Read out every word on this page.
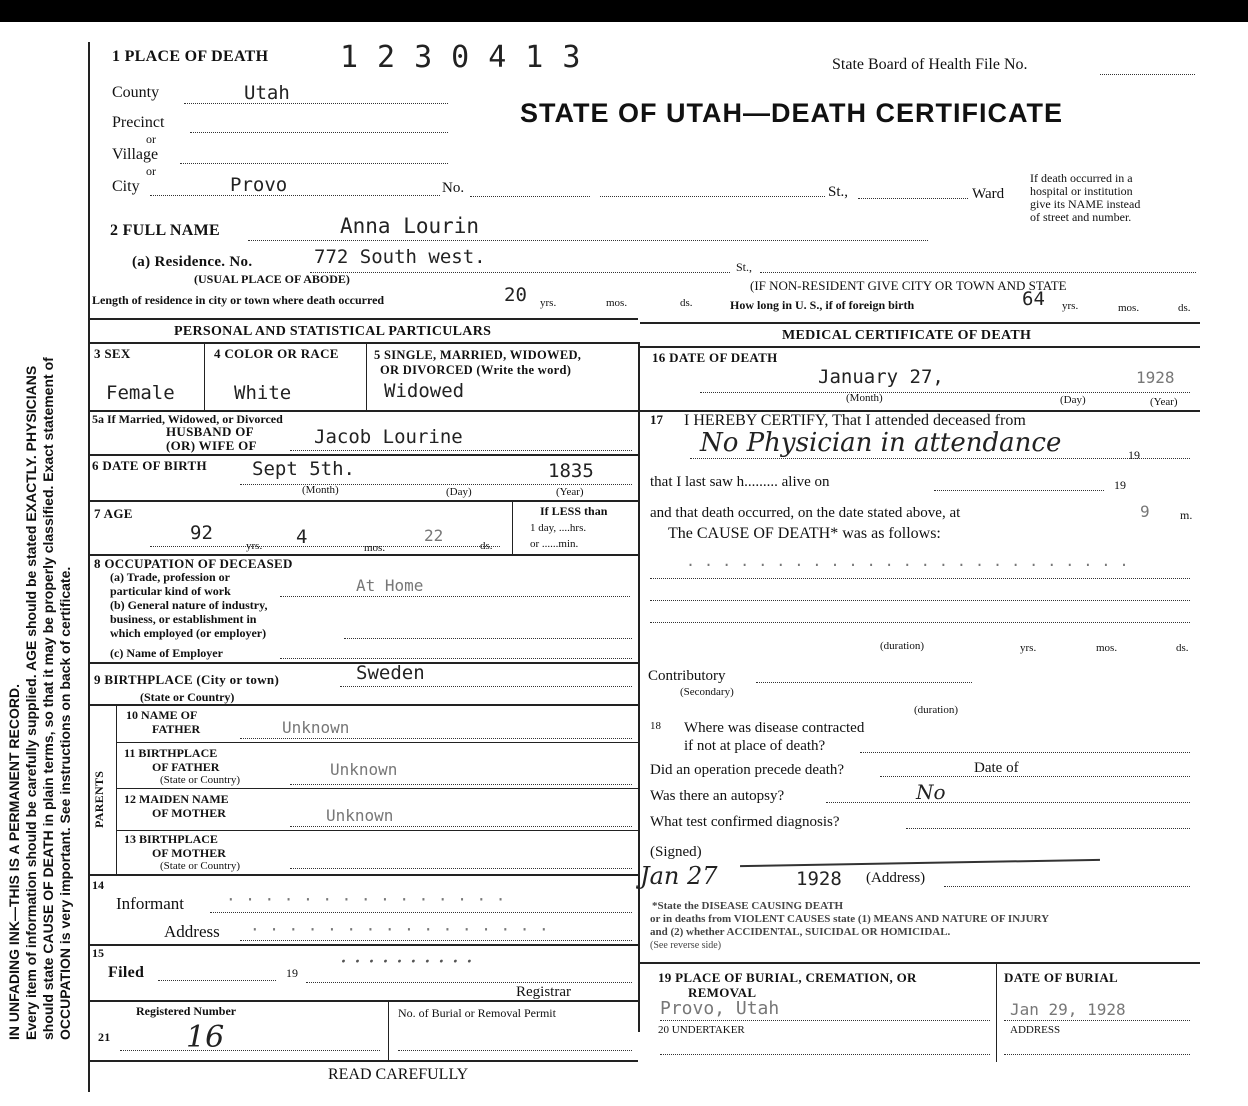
IN UNFADING INK—THIS IS A PERMANENT RECORD. Every item of information should be carefully supplied. AGE should be stated EXACTLY. PHYSICIANS should state CAUSE OF DEATH in plain terms, so that it may be properly classified. Exact statement of OCCUPATION is very important. See instructions on back of certificate.
1 PLACE OF DEATH 1230413	State Board of Health File No.
STATE OF UTAH—DEATH CERTIFICATE
County	Utah
Precinct
or
Village
or
City	Provo	No.	St.,	Ward
If death occurred in a
hospital or institution
give its NAME instead
of street and number.
2 FULL NAME	Anna Lourin
(a) Residence. No.	772 South west.
(USUAL PLACE OF ABODE)
St.,
(IF NON-RESIDENT GIVE CITY OR TOWN AND STATE
Length of residence in city or town where death occurred	20 yrs.	mos.	ds.	How long in U. S., if of foreign birth	64 yrs.	mos.	ds.
PERSONAL AND STATISTICAL PARTICULARS	MEDICAL CERTIFICATE OF DEATH
3 SEX	4 COLOR OR RACE	5 SINGLE, MARRIED, WIDOWED,
OR DIVORCED (Write the word)
Female	White	Widowed
16 DATE OF DEATH
January 27,	1928
(Month)	(Day)	(Year)
5a If Married, Widowed, or Divorced
HUSBAND OF
(OR) WIFE OF	Jacob Lourine
17 I HEREBY CERTIFY, That I attended deceased from
No Physician in attendance	19
6 DATE OF BIRTH Sept 5th.	1835
(Month)	(Day)	(Year)
that I last saw h......... alive on	19
7 AGE
92	4	22
yrs.	mos.	ds.
If LESS than
1 day, ....hrs.
or ......min.
and that death occurred, on the date stated above, at	9	m.
The CAUSE OF DEATH* was as follows:
· · · · · · · · · · · · · · · · · · · · · · · · ·
(duration)	yrs.	mos.	ds.
8 OCCUPATION OF DECEASED
(a) Trade, profession or
particular kind of work	At Home
(b) General nature of industry,
business, or establishment in
which employed (or employer)
(c) Name of Employer
Contributory
(Secondary)
(duration)
9 BIRTHPLACE (City or town)
(State or Country)
Sweden
PARENTS
10 NAME OF
FATHER	Unknown
11 BIRTHPLACE
OF FATHER
(State or Country)
Unknown
12 MAIDEN NAME
OF MOTHER	Unknown
13 BIRTHPLACE
OF MOTHER
(State or Country)
18 Where was disease contracted
if not at place of death?
Did an operation precede death?	Date of
Was there an autopsy?	No
What test confirmed diagnosis?
(Signed)
Jan 27	1928 (Address)
*State the DISEASE CAUSING DEATH
or in deaths from VIOLENT CAUSES state (1) MEANS AND NATURE OF INJURY
and (2) whether ACCIDENTAL, SUICIDAL OR HOMICIDAL.
(See reverse side)
14
Informant	· · · · · · · · · · · · · · ·
Address · · · · · · · · · · · · · · · ·
15
Filed	19 · · · · · · · · · ·
Registrar
Registered Number	No. of Burial or Removal Permit
21	16
READ CAREFULLY
19 PLACE OF BURIAL, CREMATION, OR
REMOVAL
Provo, Utah
DATE OF BURIAL
Jan 29, 1928
20 UNDERTAKER	ADDRESS
